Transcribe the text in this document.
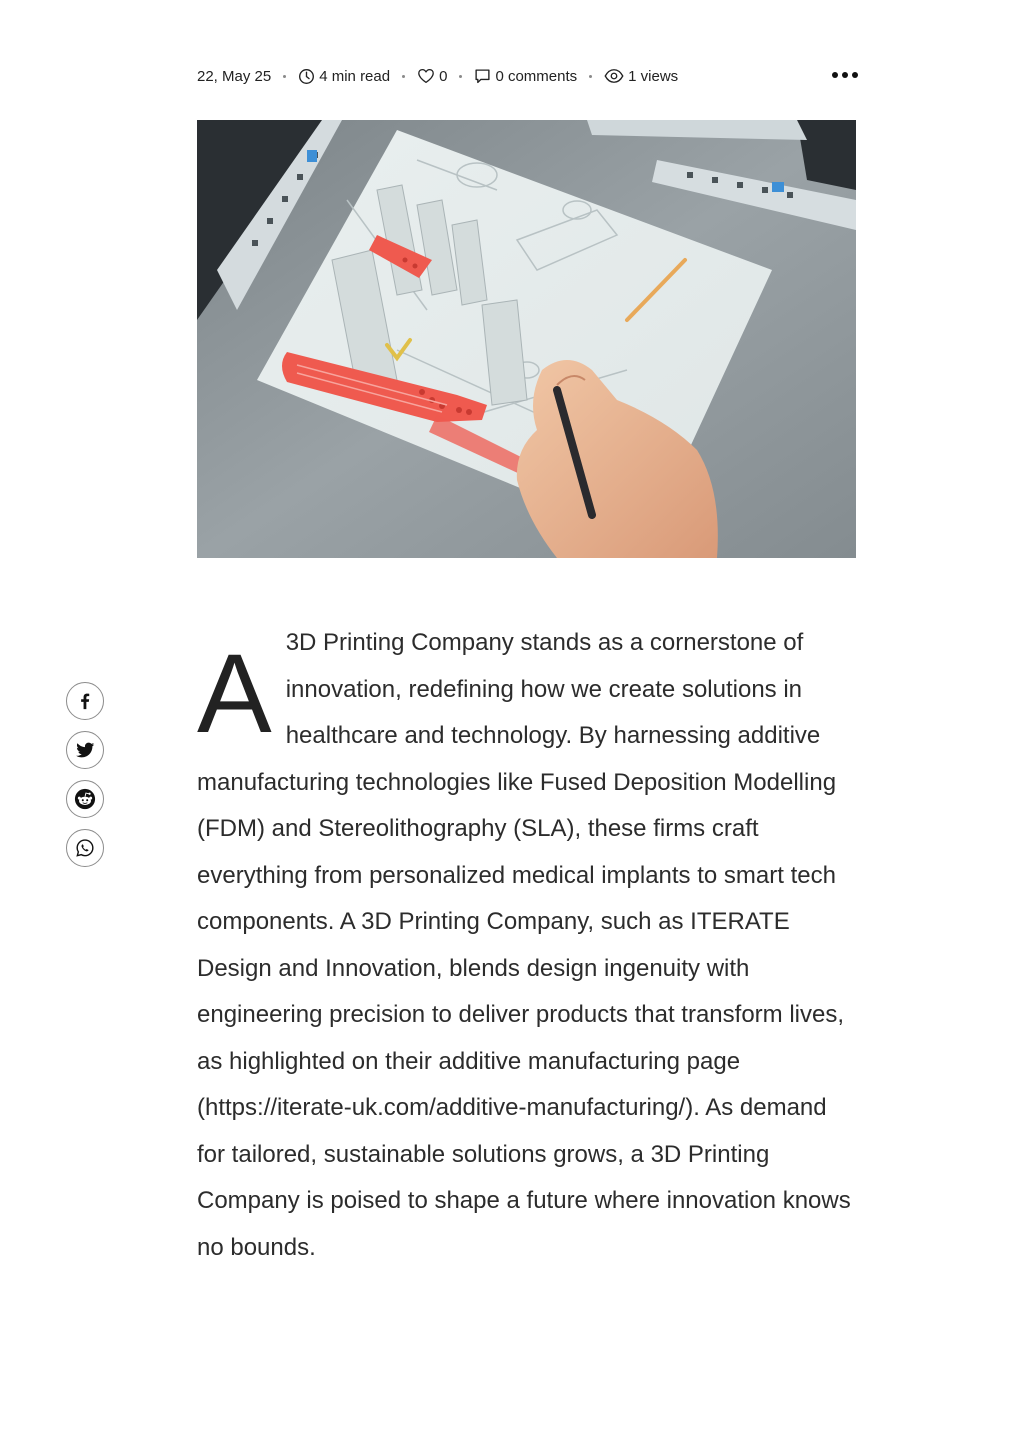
22, May 25	4 min read	0	0 comments	1 views

A 3D Printing Company stands as a cornerstone of innovation, redefining how we create solutions in healthcare and technology. By harnessing additive manufacturing technologies like Fused Deposition Modelling (FDM) and Stereolithography (SLA), these firms craft everything from personalized medical implants to smart tech components. A 3D Printing Company, such as ITERATE Design and Innovation, blends design ingenuity with engineering precision to deliver products that transform lives, as highlighted on their additive manufacturing page (https://iterate-uk.com/additive-manufacturing/). As demand for tailored, sustainable solutions grows, a 3D Printing Company is poised to shape a future where innovation knows no bounds.
